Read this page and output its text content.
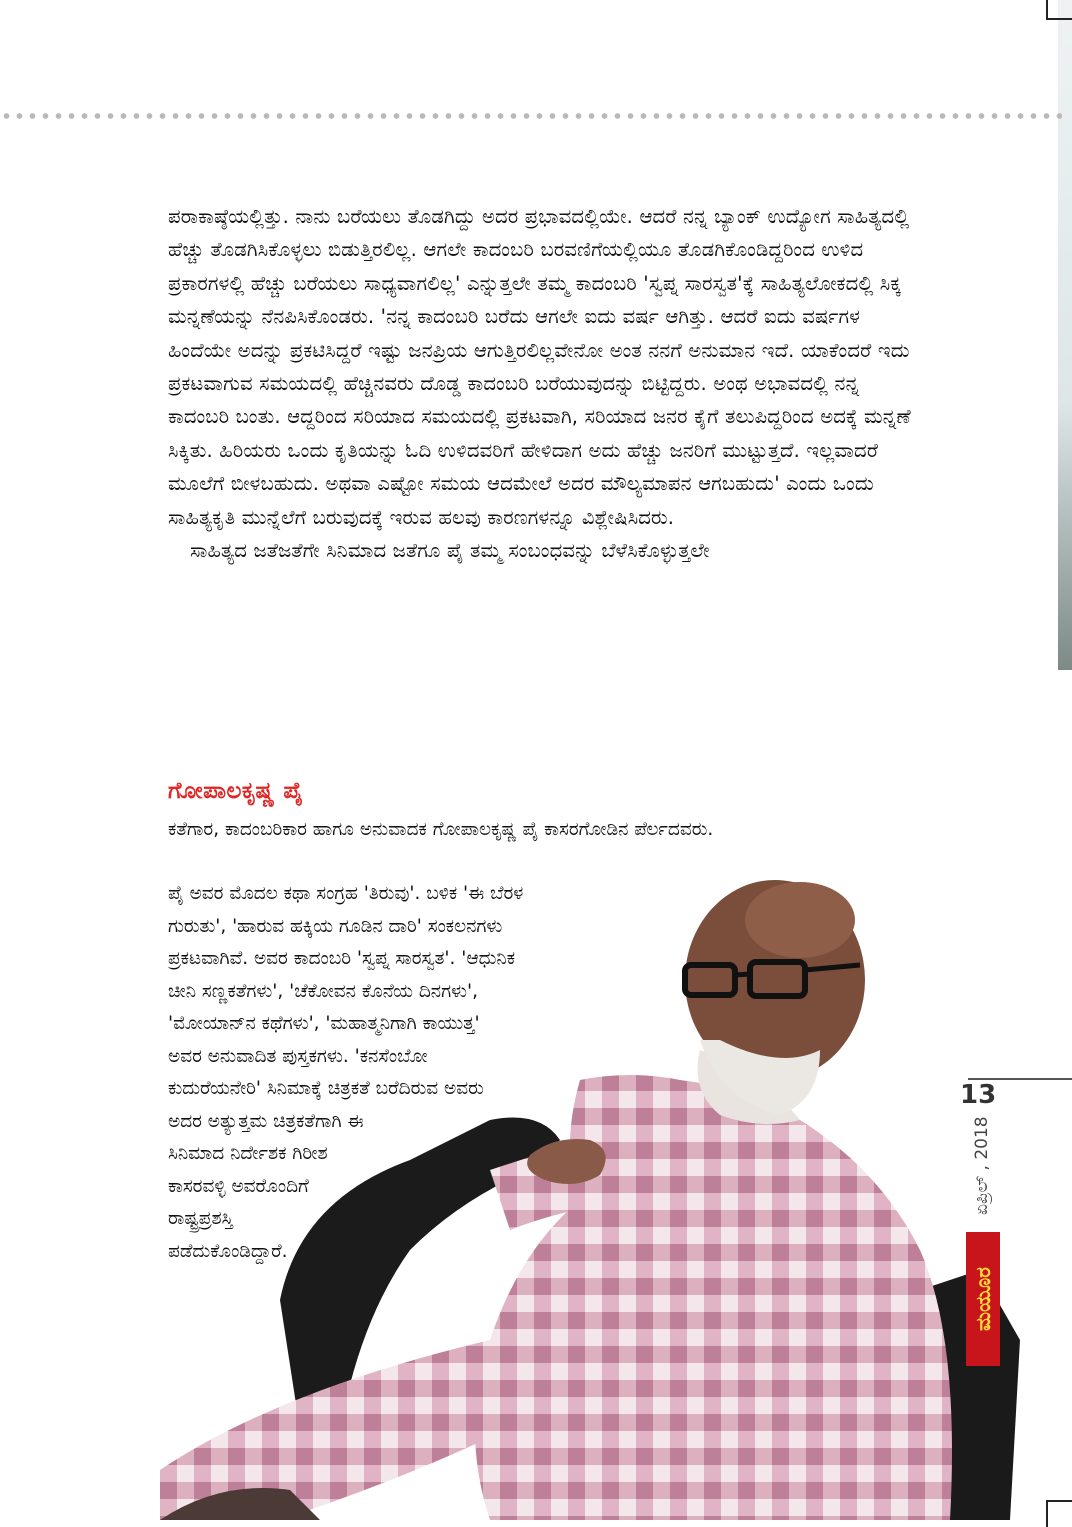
ಪರಾಕಾಷ್ಠೆಯಲ್ಲಿತ್ತು. ನಾನು ಬರೆಯಲು ತೊಡಗಿದ್ದು ಅದರ ಪ್ರಭಾವದಲ್ಲಿಯೇ. ಆದರೆ ನನ್ನ ಬ್ಯಾಂಕ್ ಉದ್ಯೋಗ ಸಾಹಿತ್ಯದಲ್ಲಿ ಹೆಚ್ಚು ತೊಡಗಿಸಿಕೊಳ್ಳಲು ಬಿಡುತ್ತಿರಲಿಲ್ಲ. ಆಗಲೇ ಕಾದಂಬರಿ ಬರವಣಿಗೆಯಲ್ಲಿಯೂ ತೊಡಗಿಕೊಂಡಿದ್ದರಿಂದ ಉಳಿದ ಪ್ರಕಾರಗಳಲ್ಲಿ ಹೆಚ್ಚು ಬರೆಯಲು ಸಾಧ್ಯವಾಗಲಿಲ್ಲ' ಎನ್ನುತ್ತಲೇ ತಮ್ಮ ಕಾದಂಬರಿ 'ಸ್ವಪ್ನ ಸಾರಸ್ವತ'ಕ್ಕೆ ಸಾಹಿತ್ಯಲೋಕದಲ್ಲಿ ಸಿಕ್ಕ ಮನ್ನಣೆಯನ್ನು ನೆನಪಿಸಿಕೊಂಡರು. 'ನನ್ನ ಕಾದಂಬರಿ ಬರೆದು ಆಗಲೇ ಐದು ವರ್ಷ ಆಗಿತ್ತು. ಆದರೆ ಐದು ವರ್ಷಗಳ ಹಿಂದೆಯೇ ಅದನ್ನು ಪ್ರಕಟಿಸಿದ್ದರೆ ಇಷ್ಟು ಜನಪ್ರಿಯ ಆಗುತ್ತಿರಲಿಲ್ಲವೇನೋ ಅಂತ ನನಗೆ ಅನುಮಾನ ಇದೆ. ಯಾಕೆಂದರೆ ಇದು ಪ್ರಕಟವಾಗುವ ಸಮಯದಲ್ಲಿ ಹೆಚ್ಚಿನವರು ದೊಡ್ಡ ಕಾದಂಬರಿ ಬರೆಯುವುದನ್ನು ಬಿಟ್ಟಿದ್ದರು. ಅಂಥ ಅಭಾವದಲ್ಲಿ ನನ್ನ ಕಾದಂಬರಿ ಬಂತು. ಆದ್ದರಿಂದ ಸರಿಯಾದ ಸಮಯದಲ್ಲಿ ಪ್ರಕಟವಾಗಿ, ಸರಿಯಾದ ಜನರ ಕೈಗೆ ತಲುಪಿದ್ದರಿಂದ ಅದಕ್ಕೆ ಮನ್ನಣೆ ಸಿಕ್ಕಿತು. ಹಿರಿಯರು ಒಂದು ಕೃತಿಯನ್ನು ಓದಿ ಉಳಿದವರಿಗೆ ಹೇಳಿದಾಗ ಅದು ಹೆಚ್ಚು ಜನರಿಗೆ ಮುಟ್ಟುತ್ತದೆ. ಇಲ್ಲವಾದರೆ ಮೂಲೆಗೆ ಬೀಳಬಹುದು. ಅಥವಾ ಎಷ್ಟೋ ಸಮಯ ಆದಮೇಲೆ ಅದರ ಮೌಲ್ಯಮಾಪನ ಆಗಬಹುದು' ಎಂದು ಒಂದು ಸಾಹಿತ್ಯಕೃತಿ ಮುನ್ನೆಲೆಗೆ ಬರುವುದಕ್ಕೆ ಇರುವ ಹಲವು ಕಾರಣಗಳನ್ನೂ ವಿಶ್ಲೇಷಿಸಿದರು.

ಸಾಹಿತ್ಯದ ಜತೆಜತೆಗೇ ಸಿನಿಮಾದ ಜತೆಗೂ ಪೈ ತಮ್ಮ ಸಂಬಂಧವನ್ನು ಬೆಳೆಸಿಕೊಳ್ಳುತ್ತಲೇ

ಗೋಪಾಲಕೃಷ್ಣ ಪೈ
ಕತೆಗಾರ, ಕಾದಂಬರಿಕಾರ ಹಾಗೂ ಅನುವಾದಕ ಗೋಪಾಲಕೃಷ್ಣ ಪೈ ಕಾಸರಗೋಡಿನ ಪೆರ್ಲದವರು.
ಪೈ ಅವರ ಮೊದಲ ಕಥಾ ಸಂಗ್ರಹ 'ತಿರುವು'. ಬಳಿಕ 'ಈ ಬೆರಳ
ಗುರುತು', 'ಹಾರುವ ಹಕ್ಕಿಯ ಗೂಡಿನ ದಾರಿ' ಸಂಕಲನಗಳು
ಪ್ರಕಟವಾಗಿವೆ. ಅವರ ಕಾದಂಬರಿ 'ಸ್ವಪ್ನ ಸಾರಸ್ವತ'. 'ಆಧುನಿಕ
ಚೀನಿ ಸಣ್ಣಕತೆಗಳು', 'ಚೆಕೋವನ ಕೊನೆಯ ದಿನಗಳು',
'ಮೋಯಾನ್‌ನ ಕಥೆಗಳು', 'ಮಹಾತ್ಮನಿಗಾಗಿ ಕಾಯುತ್ತ'
ಅವರ ಅನುವಾದಿತ ಪುಸ್ತಕಗಳು. 'ಕನಸೆಂಬೋ
ಕುದುರೆಯನೇರಿ' ಸಿನಿಮಾಕ್ಕೆ ಚಿತ್ರಕತೆ ಬರೆದಿರುವ ಅವರು
ಅದರ ಅತ್ಯುತ್ತಮ ಚಿತ್ರಕತೆಗಾಗಿ ಈ
ಸಿನಿಮಾದ ನಿರ್ದೇಶಕ ಗಿರೀಶ
ಕಾಸರವಳ್ಳಿ ಅವರೊಂದಿಗೆ
ರಾಷ್ಟ್ರಪ್ರಶಸ್ತಿ
ಪಡೆದುಕೊಂಡಿದ್ದಾರೆ.
ಏಪ್ರಿಲ್ , 2018
ಮಯೂರ
13
